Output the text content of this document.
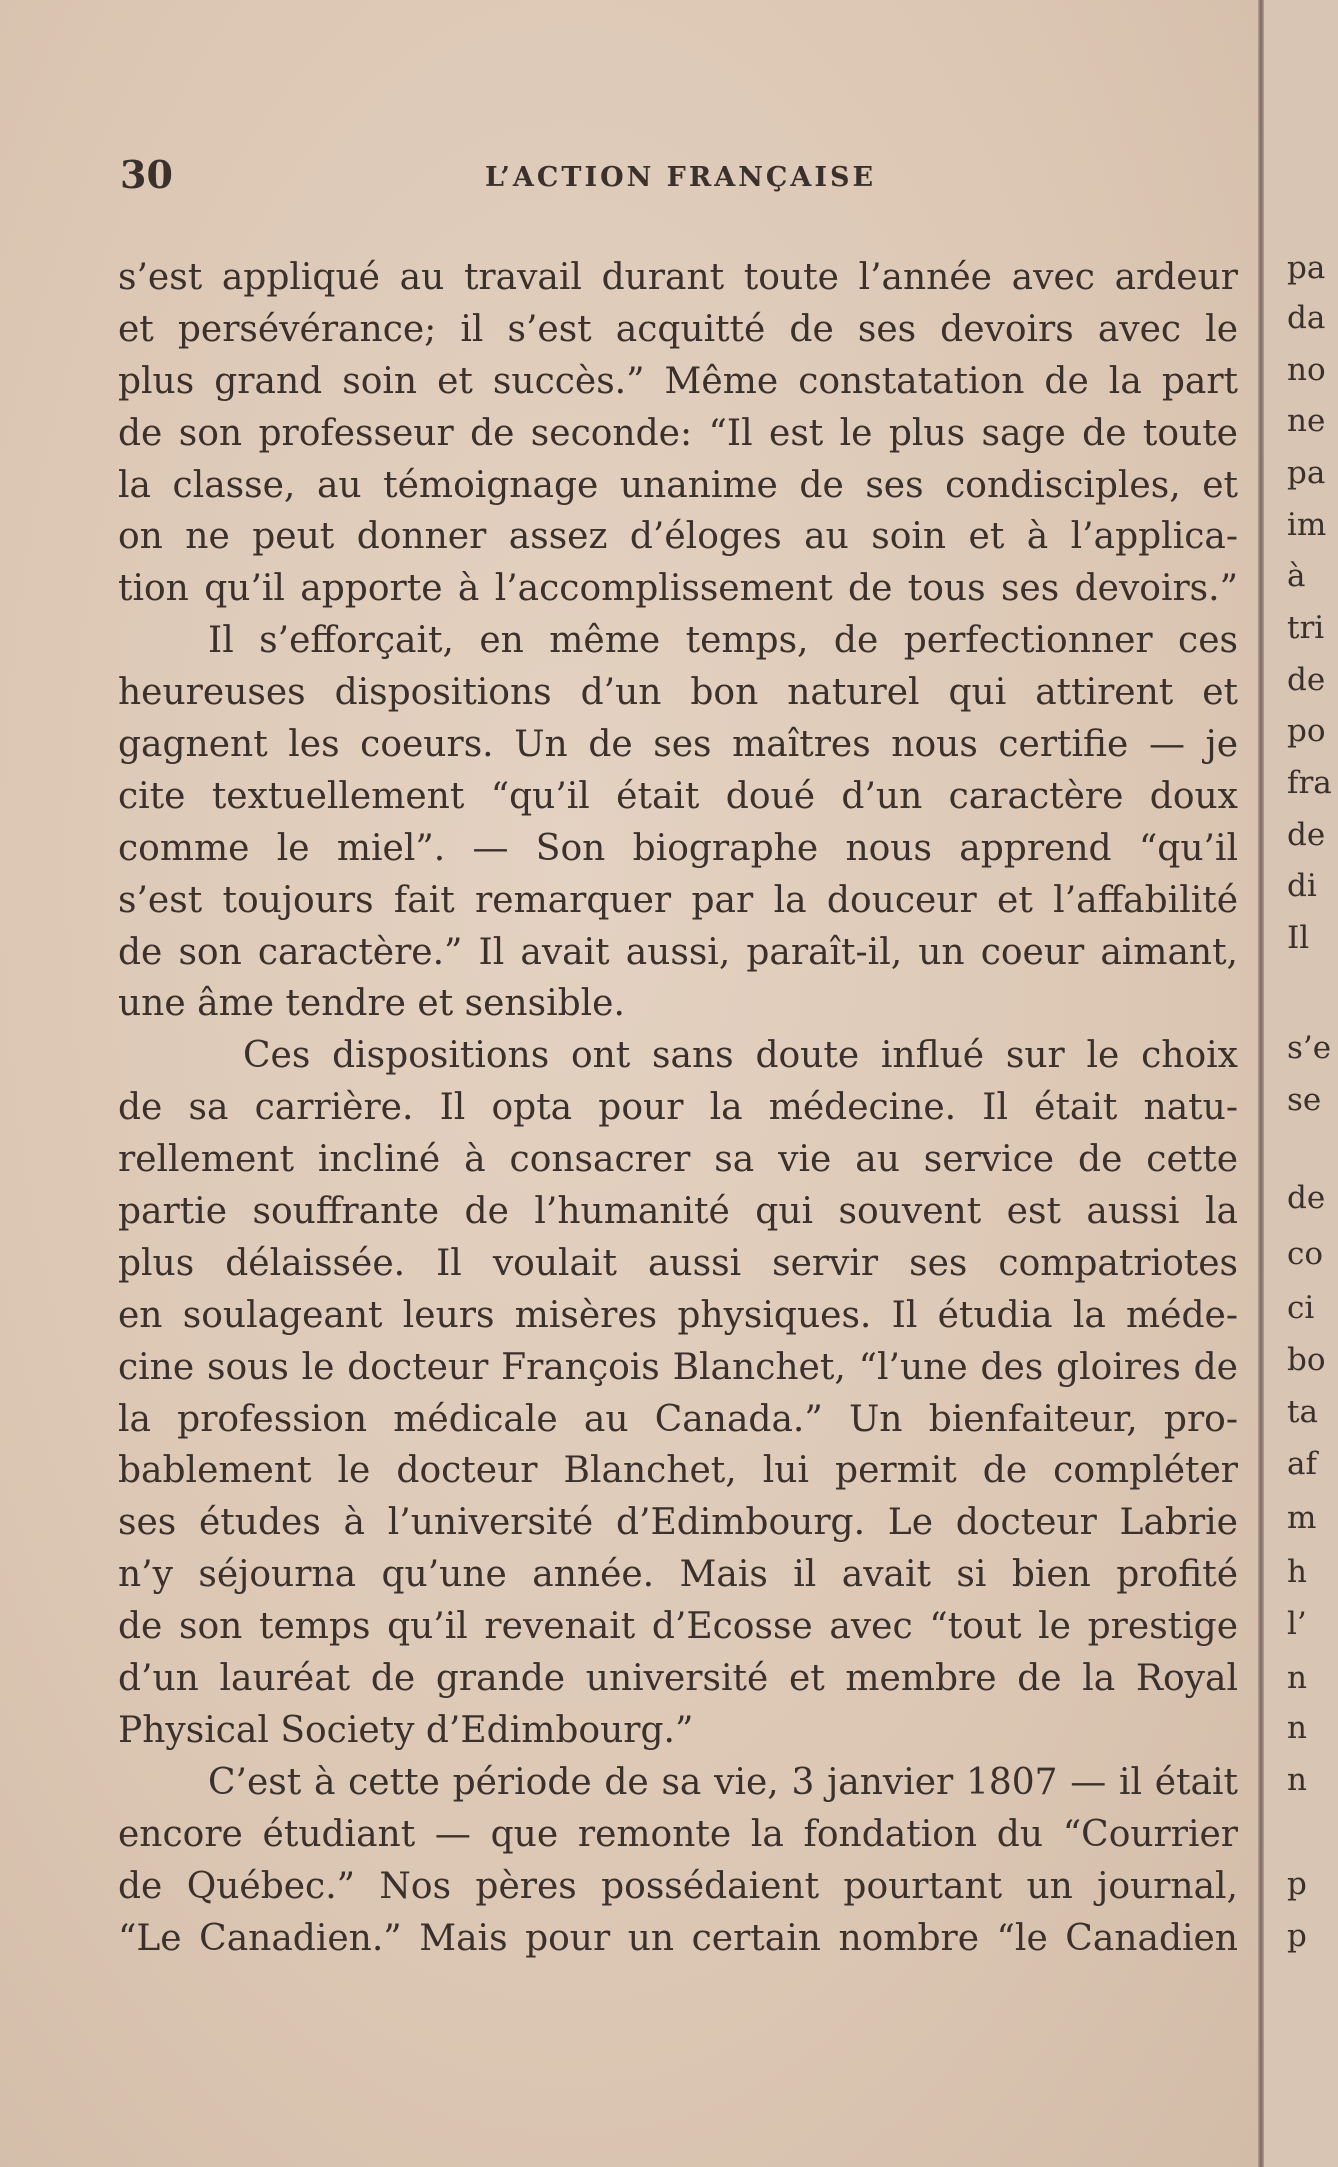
30	L’ACTION FRANÇAISE
s’est appliqué au travail durant toute l’année avec ardeur
et persévérance; il s’est acquitté de ses devoirs avec le
plus grand soin et succès.” Même constatation de la part
de son professeur de seconde: “Il est le plus sage de toute
la classe, au témoignage unanime de ses condisciples, et
on ne peut donner assez d’éloges au soin et à l’applica-
tion qu’il apporte à l’accomplissement de tous ses devoirs.”
Il s’efforçait, en même temps, de perfectionner ces
heureuses dispositions d’un bon naturel qui attirent et
gagnent les coeurs. Un de ses maîtres nous certifie — je
cite textuellement “qu’il était doué d’un caractère doux
comme le miel”. — Son biographe nous apprend “qu’il
s’est toujours fait remarquer par la douceur et l’affabilité
de son caractère.” Il avait aussi, paraît-il, un coeur aimant,
une âme tendre et sensible.
Ces dispositions ont sans doute influé sur le choix
de sa carrière. Il opta pour la médecine. Il était natu-
rellement incliné à consacrer sa vie au service de cette
partie souffrante de l’humanité qui souvent est aussi la
plus délaissée. Il voulait aussi servir ses compatriotes
en soulageant leurs misères physiques. Il étudia la méde-
cine sous le docteur François Blanchet, “l’une des gloires de
la profession médicale au Canada.” Un bienfaiteur, pro-
bablement le docteur Blanchet, lui permit de compléter
ses études à l’université d’Edimbourg. Le docteur Labrie
n’y séjourna qu’une année. Mais il avait si bien profité
de son temps qu’il revenait d’Ecosse avec “tout le prestige
d’un lauréat de grande université et membre de la Royal
Physical Society d’Edimbourg.”
C’est à cette période de sa vie, 3 janvier 1807 — il était
encore étudiant — que remonte la fondation du “Courrier
de Québec.” Nos pères possédaient pourtant un journal,
“Le Canadien.” Mais pour un certain nombre “le Canadien
pa
da
no
ne
pa
im
à
tri
de
po
fra
de
di
Il
s’e
se
de
co
ci
bo
ta
af
m
h
l’
n
n
n
p
p
